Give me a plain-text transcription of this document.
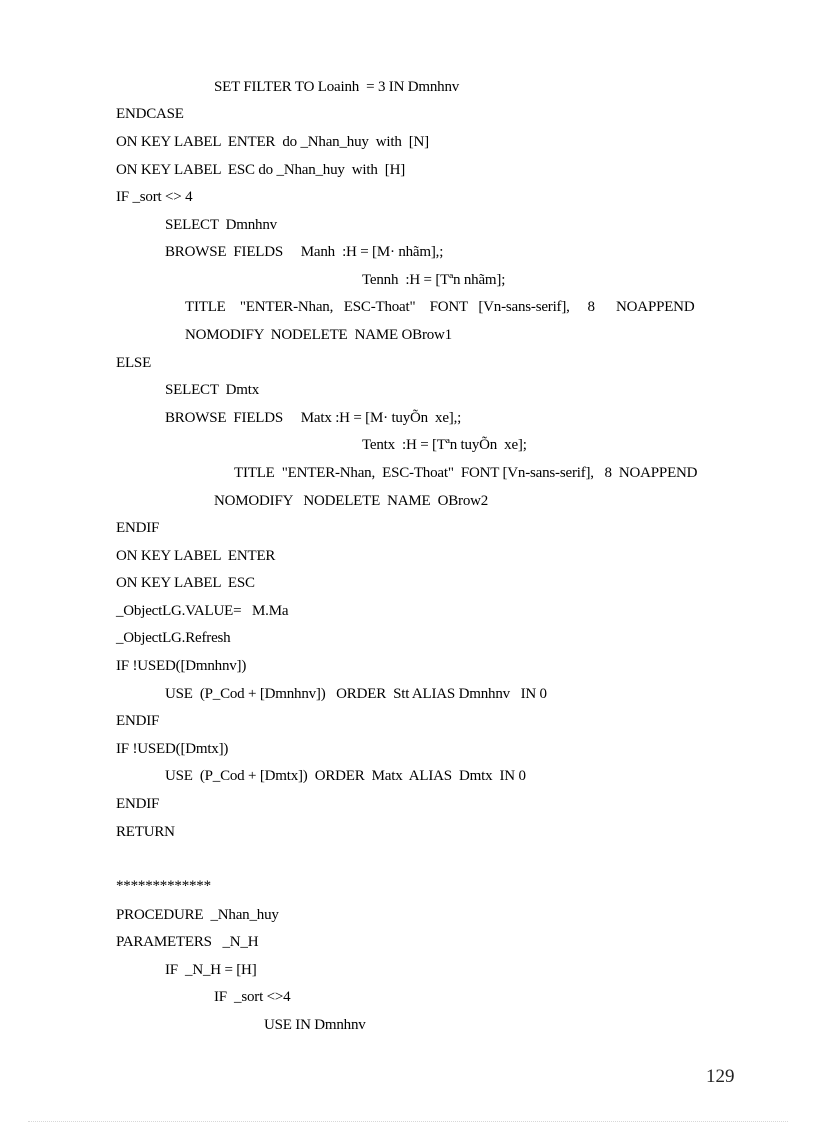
SET FILTER TO Loainh  = 3 IN Dmnhnv
ENDCASE
ON KEY LABEL  ENTER  do _Nhan_huy  with  [N]
ON KEY LABEL  ESC do _Nhan_huy  with  [H]
IF _sort <> 4
SELECT  Dmnhnv
BROWSE  FIELDS     Manh  :H = [M· nhãm],;
Tennh  :H = [Tªn nhãm];
TITLE    "ENTER-Nhan,   ESC-Thoat"    FONT   [Vn-sans-serif],     8      NOAPPEND
NOMODIFY  NODELETE  NAME OBrow1
ELSE
SELECT  Dmtx
BROWSE  FIELDS     Matx :H = [M· tuyÕn  xe],;
Tentx  :H = [Tªn tuyÕn  xe];
TITLE  "ENTER-Nhan,  ESC-Thoat"  FONT [Vn-sans-serif],   8  NOAPPEND
NOMODIFY   NODELETE  NAME  OBrow2
ENDIF
ON KEY LABEL  ENTER
ON KEY LABEL  ESC
_ObjectLG.VALUE=   M.Ma
_ObjectLG.Refresh
IF !USED([Dmnhnv])
USE  (P_Cod + [Dmnhnv])   ORDER  Stt ALIAS Dmnhnv   IN 0
ENDIF
IF !USED([Dmtx])
USE  (P_Cod + [Dmtx])  ORDER  Matx  ALIAS  Dmtx  IN 0
ENDIF
RETURN
*************
PROCEDURE  _Nhan_huy
PARAMETERS   _N_H
IF  _N_H = [H]
IF  _sort <>4
USE IN Dmnhnv
129
